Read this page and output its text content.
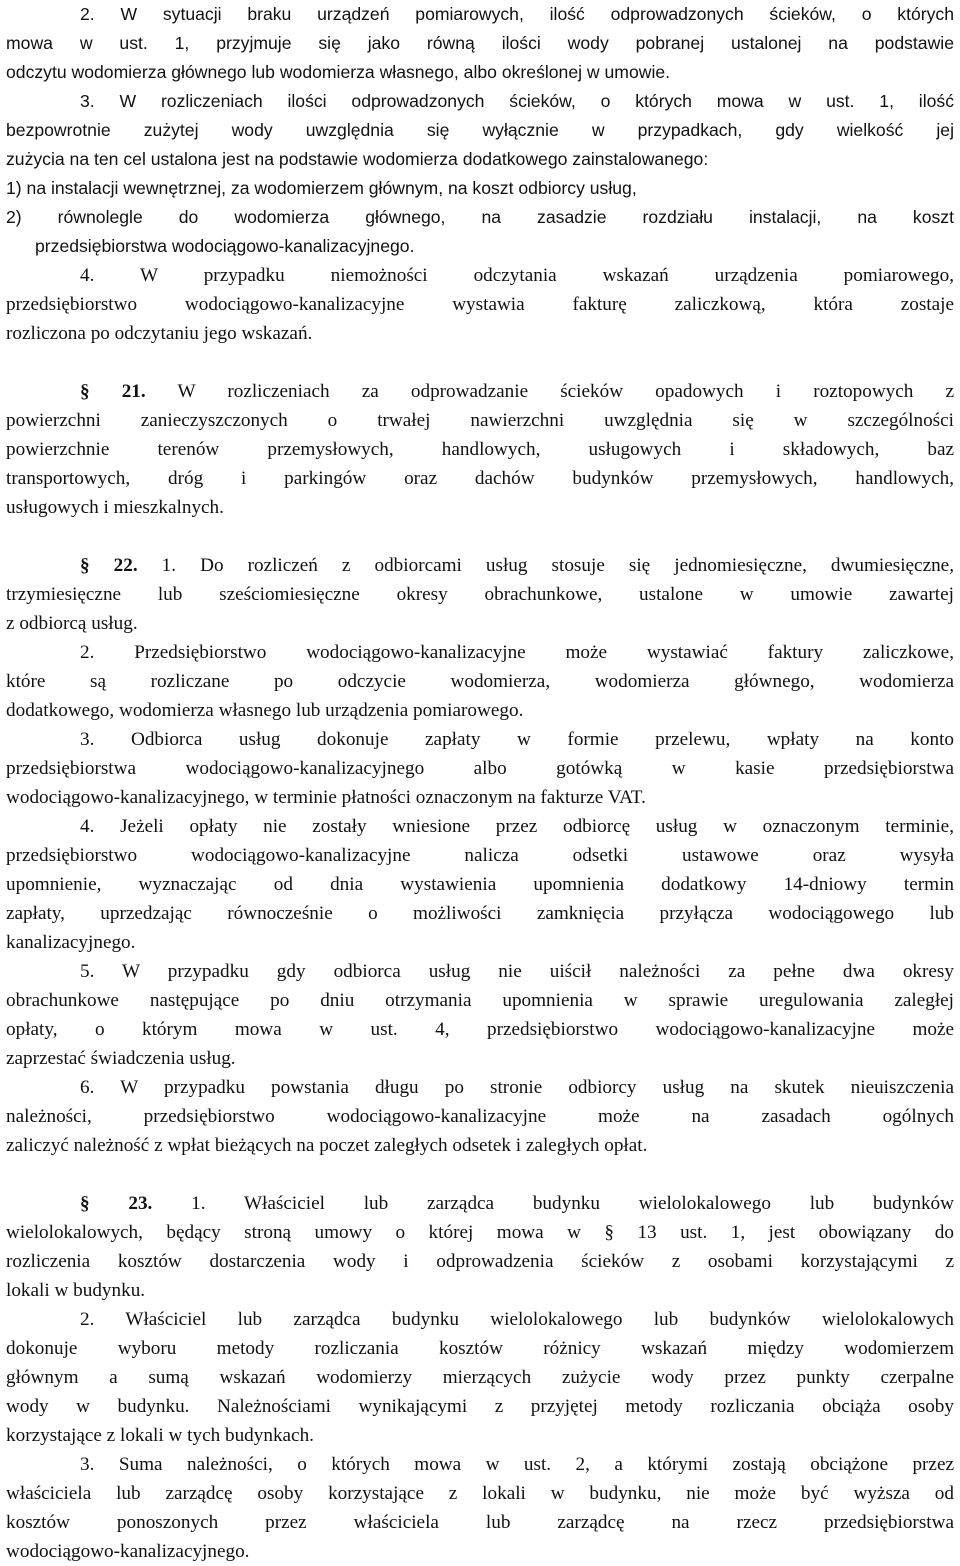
2. W sytuacji braku urządzeń pomiarowych, ilość odprowadzonych ścieków, o których
mowa w ust. 1, przyjmuje się jako równą ilości wody pobranej ustalonej na podstawie
odczytu wodomierza głównego lub wodomierza własnego, albo określonej w umowie.
3. W rozliczeniach ilości odprowadzonych ścieków, o których mowa w ust. 1, ilość
bezpowrotnie zużytej wody uwzględnia się wyłącznie w przypadkach, gdy wielkość jej
zużycia na ten cel ustalona jest na podstawie wodomierza dodatkowego zainstalowanego:
1) na instalacji wewnętrznej, za wodomierzem głównym, na koszt odbiorcy usług,
2) równolegle do wodomierza głównego, na zasadzie rozdziału instalacji, na koszt
przedsiębiorstwa wodociągowo-kanalizacyjnego.
4. W przypadku niemożności odczytania wskazań urządzenia pomiarowego,
przedsiębiorstwo wodociągowo-kanalizacyjne wystawia fakturę zaliczkową, która zostaje
rozliczona po odczytaniu jego wskazań.
§ 21. W rozliczeniach za odprowadzanie ścieków opadowych i roztopowych z
powierzchni zanieczyszczonych o trwałej nawierzchni uwzględnia się w szczególności
powierzchnie terenów przemysłowych, handlowych, usługowych i składowych, baz
transportowych, dróg i parkingów oraz dachów budynków przemysłowych, handlowych,
usługowych i mieszkalnych.
§ 22. 1. Do rozliczeń z odbiorcami usług stosuje się jednomiesięczne, dwumiesięczne,
trzymiesięczne lub sześciomiesięczne okresy obrachunkowe, ustalone w umowie zawartej
z odbiorcą usług.
2. Przedsiębiorstwo wodociągowo-kanalizacyjne może wystawiać faktury zaliczkowe,
które są rozliczane po odczycie wodomierza, wodomierza głównego, wodomierza
dodatkowego, wodomierza własnego lub urządzenia pomiarowego.
3. Odbiorca usług dokonuje zapłaty w formie przelewu, wpłaty na konto
przedsiębiorstwa wodociągowo-kanalizacyjnego albo gotówką w kasie przedsiębiorstwa
wodociągowo-kanalizacyjnego, w terminie płatności oznaczonym na fakturze VAT.
4. Jeżeli opłaty nie zostały wniesione przez odbiorcę usług w oznaczonym terminie,
przedsiębiorstwo wodociągowo-kanalizacyjne nalicza odsetki ustawowe oraz wysyła
upomnienie, wyznaczając od dnia wystawienia upomnienia dodatkowy 14-dniowy termin
zapłaty, uprzedzając równocześnie o możliwości zamknięcia przyłącza wodociągowego lub
kanalizacyjnego.
5. W przypadku gdy odbiorca usług nie uiścił należności za pełne dwa okresy
obrachunkowe następujące po dniu otrzymania upomnienia w sprawie uregulowania zaległej
opłaty, o którym mowa w ust. 4, przedsiębiorstwo wodociągowo-kanalizacyjne może
zaprzestać świadczenia usług.
6. W przypadku powstania długu po stronie odbiorcy usług na skutek nieuiszczenia
należności, przedsiębiorstwo wodociągowo-kanalizacyjne może na zasadach ogólnych
zaliczyć należność z wpłat bieżących na poczet zaległych odsetek i zaległych opłat.
§ 23. 1. Właściciel lub zarządca budynku wielolokalowego lub budynków
wielolokalowych, będący stroną umowy o której mowa w § 13 ust. 1, jest obowiązany do
rozliczenia kosztów dostarczenia wody i odprowadzenia ścieków z osobami korzystającymi z
lokali w budynku.
2. Właściciel lub zarządca budynku wielolokalowego lub budynków wielolokalowych
dokonuje wyboru metody rozliczania kosztów różnicy wskazań między wodomierzem
głównym a sumą wskazań wodomierzy mierzących zużycie wody przez punkty czerpalne
wody w budynku. Należnościami wynikającymi z przyjętej metody rozliczania obciąża osoby
korzystające z lokali w tych budynkach.
3. Suma należności, o których mowa w ust. 2, a którymi zostają obciążone przez
właściciela lub zarządcę osoby korzystające z lokali w budynku, nie może być wyższa od
kosztów ponoszonych przez właściciela lub zarządcę na rzecz przedsiębiorstwa
wodociągowo-kanalizacyjnego.
